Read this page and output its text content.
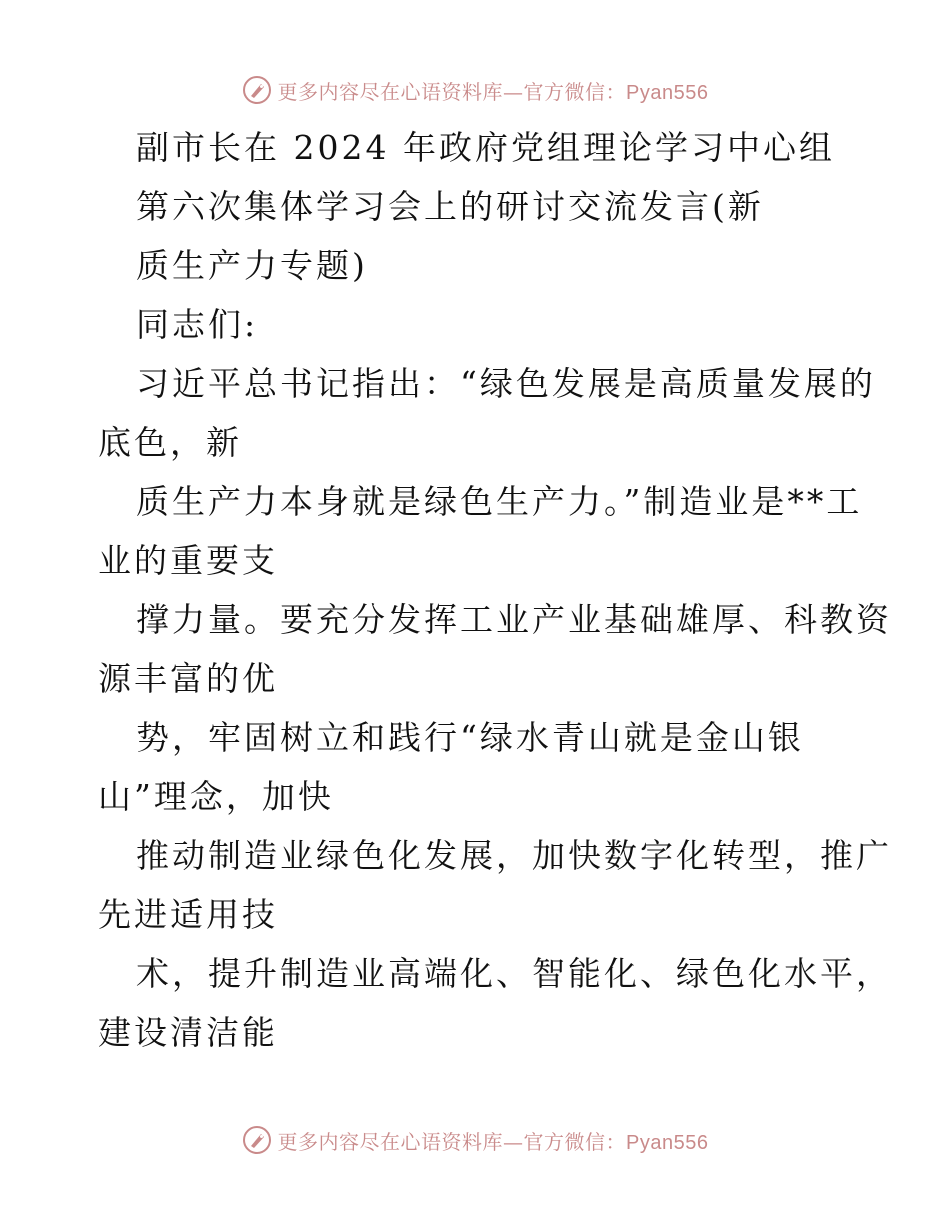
更多内容尽在心语资料库—官方微信：Pyan556
副市长在 2024 年政府党组理论学习中心组
第六次集体学习会上的研讨交流发言(新
质生产力专题)
同志们:
习近平总书记指出：“绿色发展是高质量发展的
底色，新
质生产力本身就是绿色生产力。”制造业是**工
业的重要支
撑力量。要充分发挥工业产业基础雄厚、科教资
源丰富的优
势，牢固树立和践行“绿水青山就是金山银
山”理念，加快
推动制造业绿色化发展，加快数字化转型，推广
先进适用技
术，提升制造业高端化、智能化、绿色化水平，
建设清洁能
更多内容尽在心语资料库—官方微信：Pyan556
